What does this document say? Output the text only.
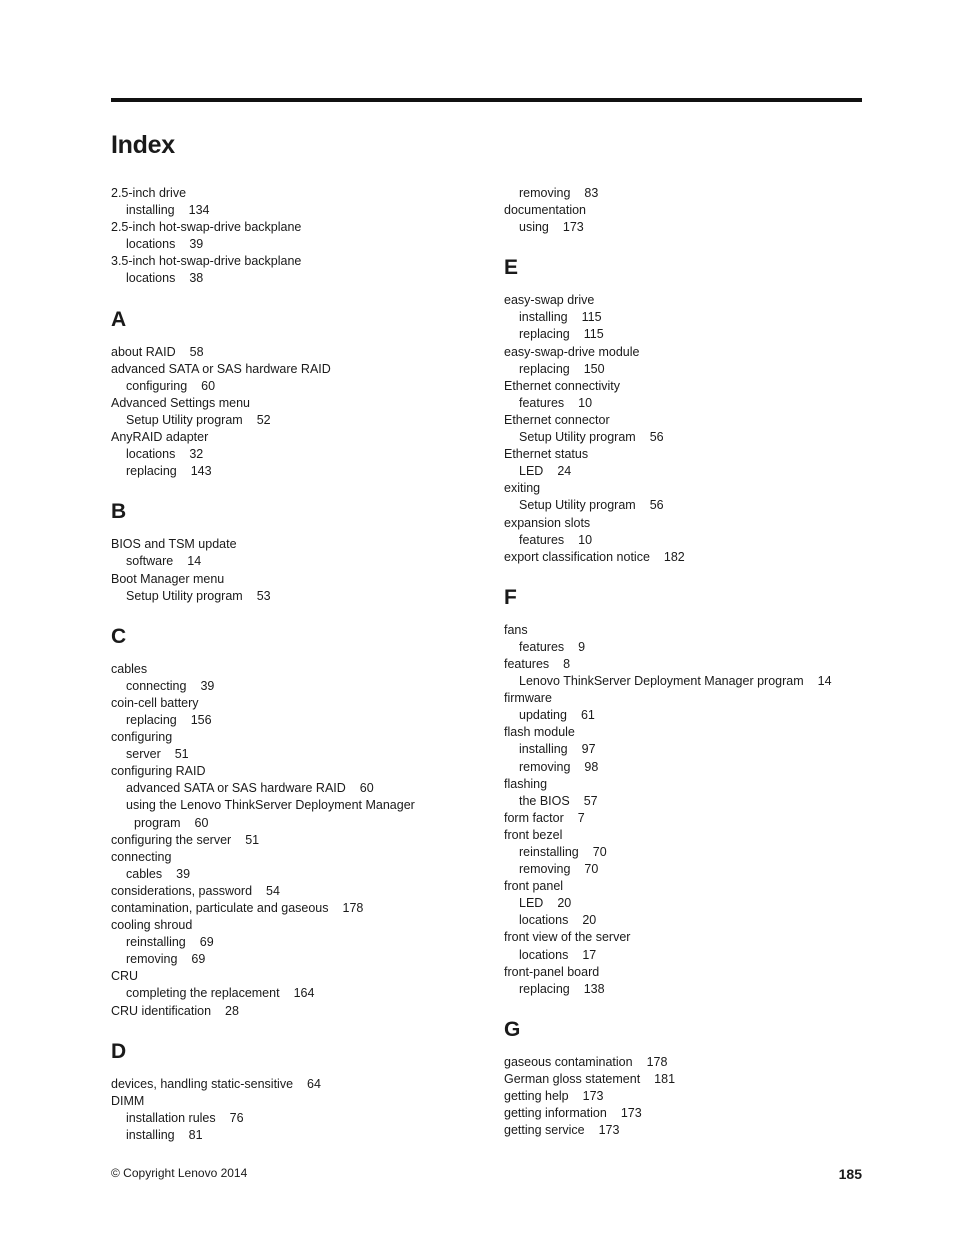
Index
2.5-inch drive
installing 134
2.5-inch hot-swap-drive backplane
locations 39
3.5-inch hot-swap-drive backplane
locations 38
A
about RAID 58
advanced SATA or SAS hardware RAID
configuring 60
Advanced Settings menu
Setup Utility program 52
AnyRAID adapter
locations 32
replacing 143
B
BIOS and TSM update
software 14
Boot Manager menu
Setup Utility program 53
C
cables
connecting 39
coin-cell battery
replacing 156
configuring
server 51
configuring RAID
advanced SATA or SAS hardware RAID 60
using the Lenovo ThinkServer Deployment Manager
program 60
configuring the server 51
connecting
cables 39
considerations, password 54
contamination, particulate and gaseous 178
cooling shroud
reinstalling 69
removing 69
CRU
completing the replacement 164
CRU identification 28
D
devices, handling static-sensitive 64
DIMM
installation rules 76
installing 81
removing 83
documentation
using 173
E
easy-swap drive
installing 115
replacing 115
easy-swap-drive module
replacing 150
Ethernet connectivity
features 10
Ethernet connector
Setup Utility program 56
Ethernet status
LED 24
exiting
Setup Utility program 56
expansion slots
features 10
export classification notice 182
F
fans
features 9
features 8
Lenovo ThinkServer Deployment Manager program 14
firmware
updating 61
flash module
installing 97
removing 98
flashing
the BIOS 57
form factor 7
front bezel
reinstalling 70
removing 70
front panel
LED 20
locations 20
front view of the server
locations 17
front-panel board
replacing 138
G
gaseous contamination 178
German gloss statement 181
getting help 173
getting information 173
getting service 173
© Copyright Lenovo 2014	185
